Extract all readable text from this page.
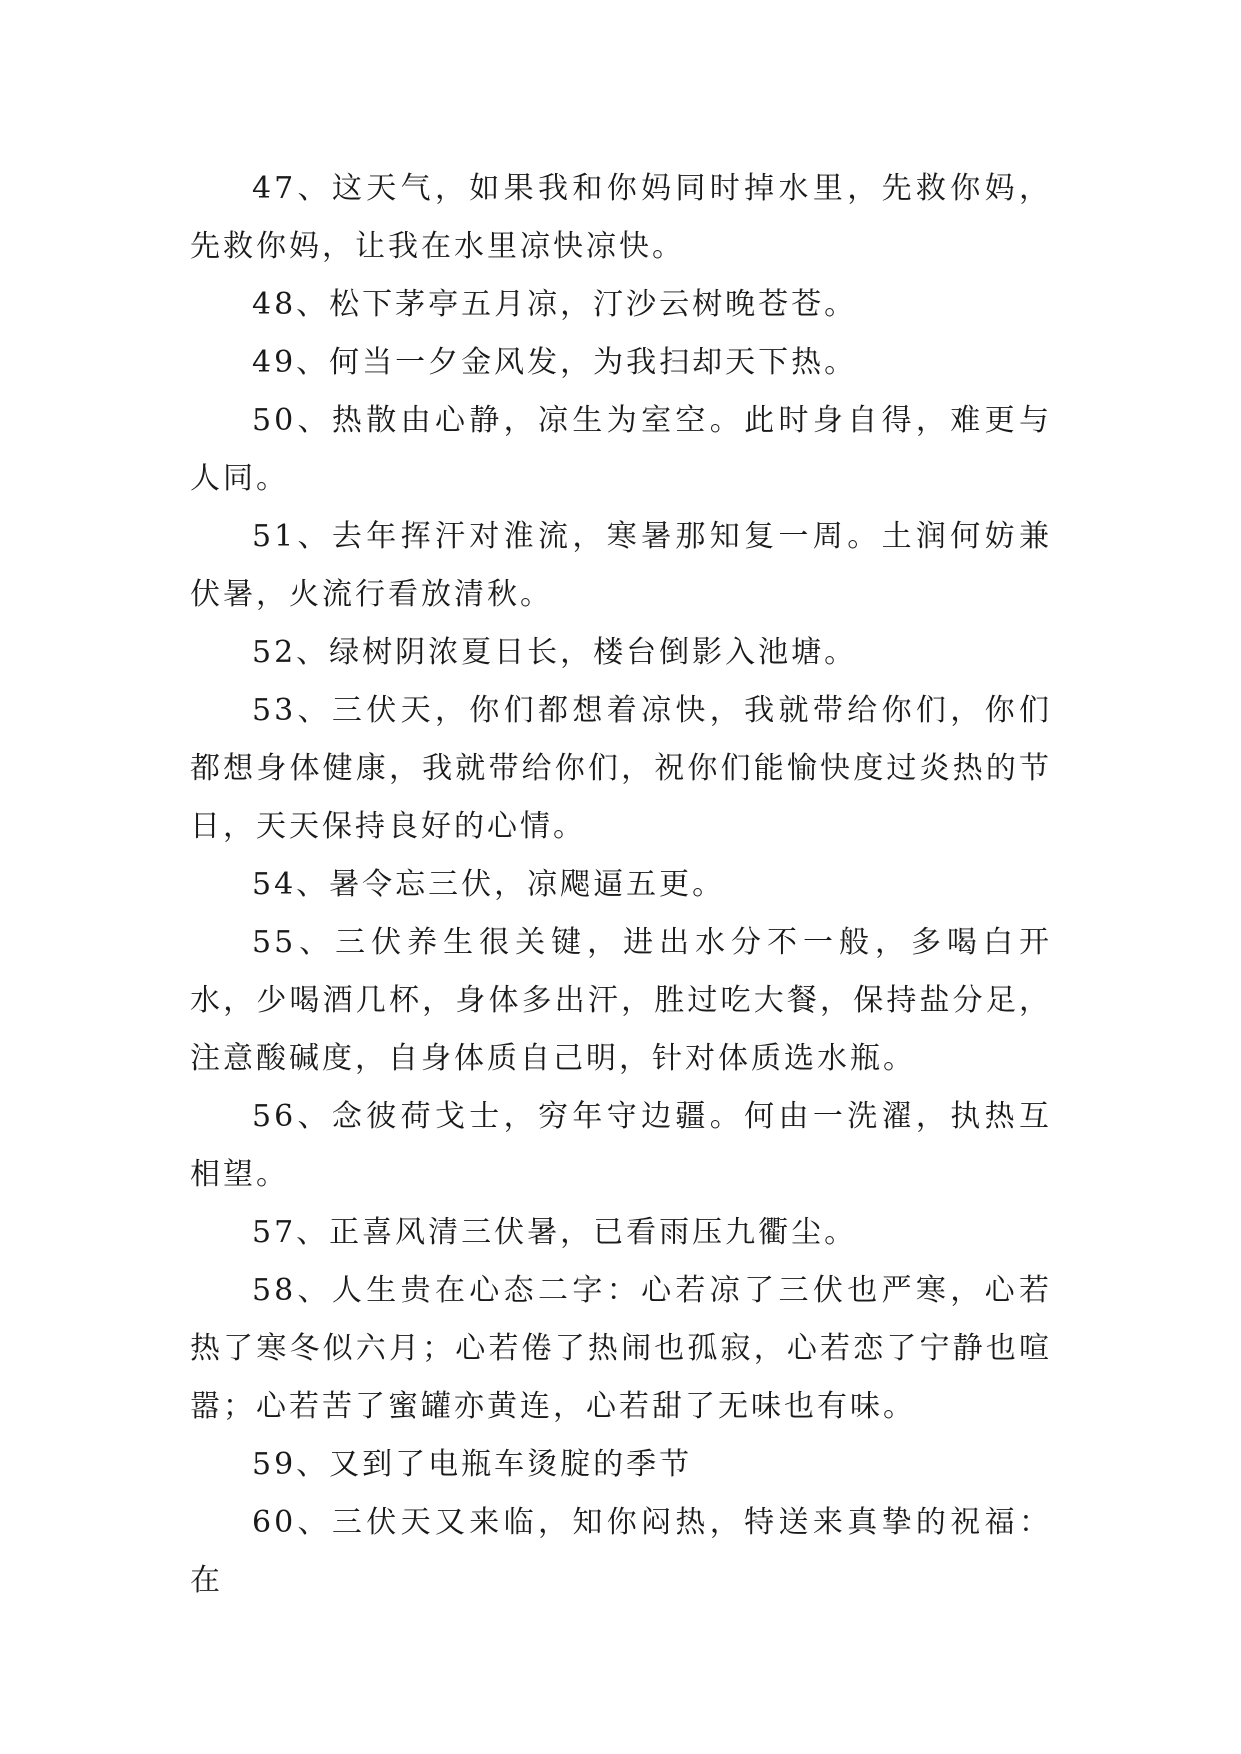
47、这天气，如果我和你妈同时掉水里，先救你妈，先救你妈，让我在水里凉快凉快。

48、松下茅亭五月凉，汀沙云树晚苍苍。

49、何当一夕金风发，为我扫却天下热。

50、热散由心静，凉生为室空。此时身自得，难更与人同。

51、去年挥汗对淮流，寒暑那知复一周。土润何妨兼伏暑，火流行看放清秋。

52、绿树阴浓夏日长，楼台倒影入池塘。

53、三伏天，你们都想着凉快，我就带给你们，你们都想身体健康，我就带给你们，祝你们能愉快度过炎热的节日，天天保持良好的心情。

54、暑令忘三伏，凉飔逼五更。

55、三伏养生很关键，进出水分不一般，多喝白开水，少喝酒几杯，身体多出汗，胜过吃大餐，保持盐分足，注意酸碱度，自身体质自己明，针对体质选水瓶。

56、念彼荷戈士，穷年守边疆。何由一洗濯，执热互相望。

57、正喜风清三伏暑，已看雨压九衢尘。

58、人生贵在心态二字：心若凉了三伏也严寒，心若热了寒冬似六月；心若倦了热闹也孤寂，心若恋了宁静也喧嚣；心若苦了蜜罐亦黄连，心若甜了无味也有味。

59、又到了电瓶车烫腚的季节

60、三伏天又来临，知你闷热，特送来真挚的祝福：在
